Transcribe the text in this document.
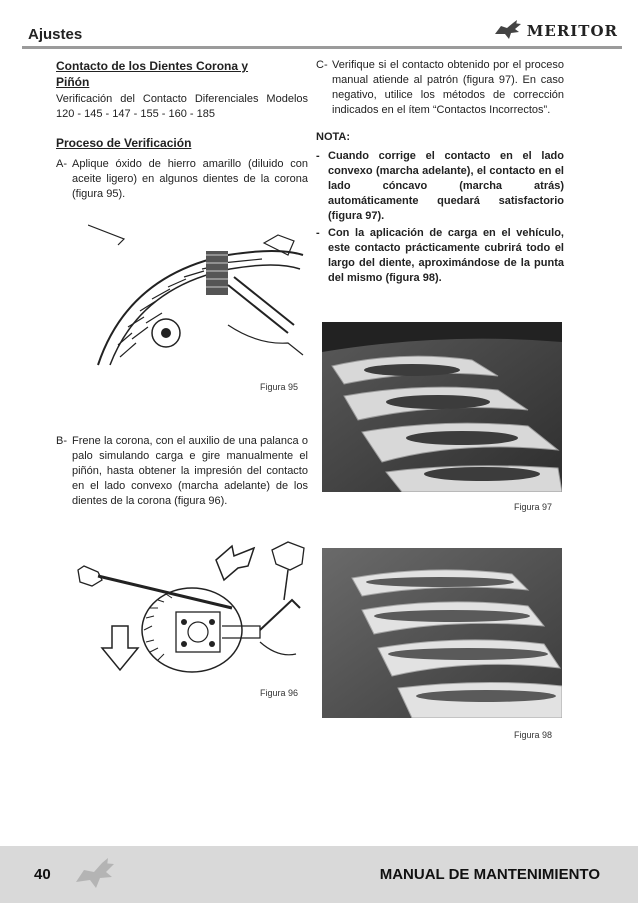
Ajustes	MERITOR

Contacto de los Dientes Corona y
Piñón

Verificación del Contacto Diferenciales Modelos 120 - 145 - 147 - 155 - 160 - 185

Proceso de Verificación

A- Aplique óxido de hierro amarillo (diluido con aceite ligero) en algunos dientes de la corona (figura 95).
Figura 95
B- Frene la corona, con el auxilio de una palanca o palo simulando carga e gire manualmente el piñón, hasta obtener la impresión del contacto en el lado convexo (marcha adelante) de los dientes de la corona (figura 96).
Figura 96
C- Verifique si el contacto obtenido por el proceso manual atiende al patrón (figura 97). En caso negativo, utilice los métodos de corrección indicados en el ítem “Contactos Incorrectos”.

NOTA:

- Cuando corrige el contacto en el lado convexo (marcha adelante), el contacto en el lado cóncavo (marcha atrás) automáticamente quedará satisfactorio (figura 97).
- Con la aplicación de carga en el vehículo, este contacto prácticamente cubrirá todo el largo del diente, aproximándose de la punta del mismo (figura 98).
Figura 97
Figura 98
40	MANUAL DE MANTENIMIENTO
